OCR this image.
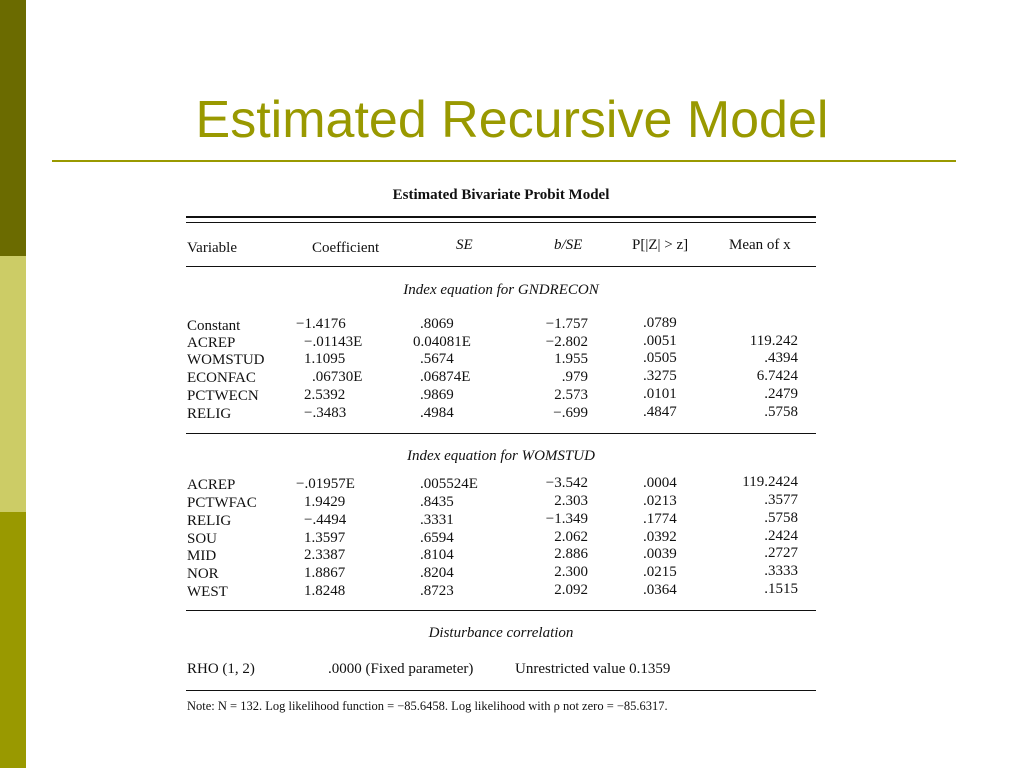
Estimated Recursive Model
Estimated Bivariate Probit Model
Variable	Coefficient	SE	b/SE	P[|Z| > z]	Mean of x
Index equation for GNDRECON
Constant	−1.4176	.8069	−1.757	.0789
ACREP	−.01143E	0.04081E	−2.802	.0051	119.242
WOMSTUD	1.1095	.5674	1.955	.0505	.4394
ECONFAC	.06730E	.06874E	.979	.3275	6.7424
PCTWECN	2.5392	.9869	2.573	.0101	.2479
RELIG	−.3483	.4984	−.699	.4847	.5758
Index equation for WOMSTUD
ACREP	−.01957E	.005524E	−3.542	.0004	119.2424
PCTWFAC	1.9429	.8435	2.303	.0213	.3577
RELIG	−.4494	.3331	−1.349	.1774	.5758
SOU	1.3597	.6594	2.062	.0392	.2424
MID	2.3387	.8104	2.886	.0039	.2727
NOR	1.8867	.8204	2.300	.0215	.3333
WEST	1.8248	.8723	2.092	.0364	.1515
Disturbance correlation
RHO (1, 2)	.0000 (Fixed parameter)	Unrestricted value 0.1359
Note: N = 132. Log likelihood function = −85.6458. Log likelihood with ρ not zero = −85.6317.
